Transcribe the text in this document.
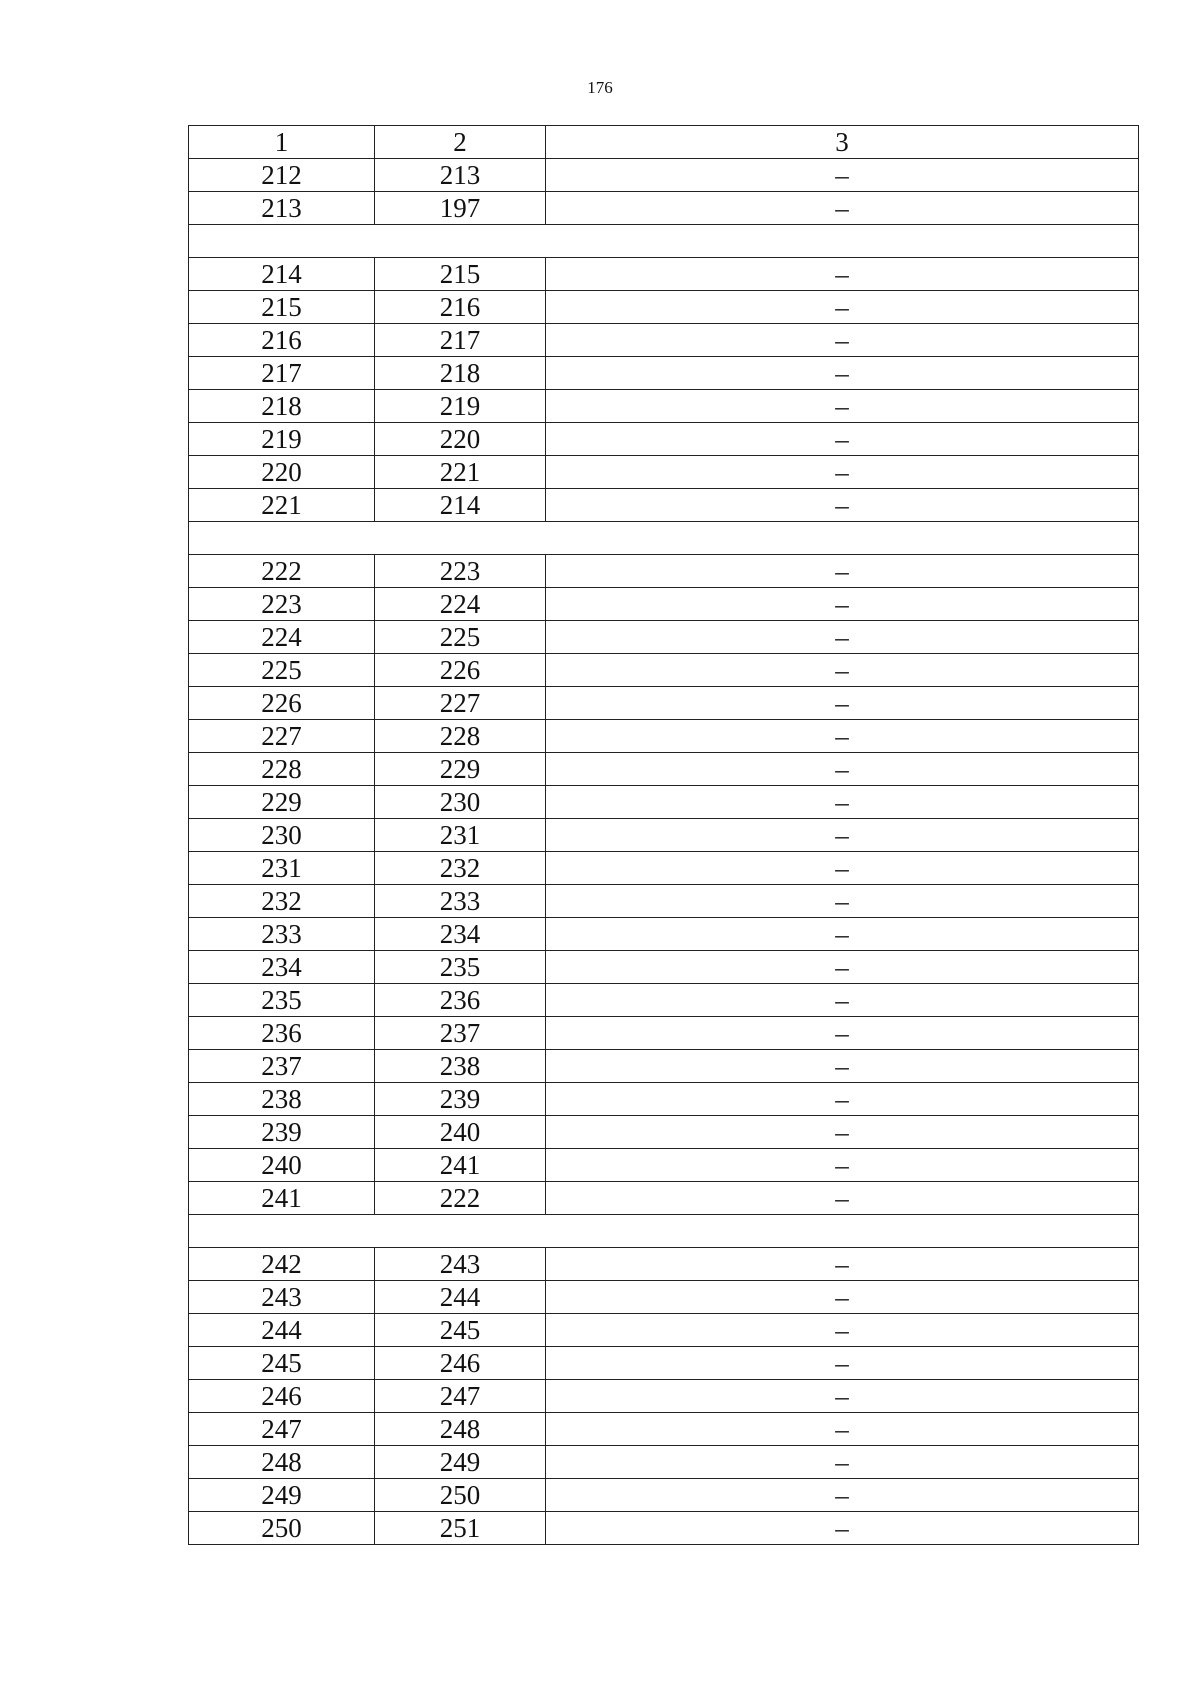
176
1	2	3
212	213	–
213	197	–

214	215	–
215	216	–
216	217	–
217	218	–
218	219	–
219	220	–
220	221	–
221	214	–

222	223	–
223	224	–
224	225	–
225	226	–
226	227	–
227	228	–
228	229	–
229	230	–
230	231	–
231	232	–
232	233	–
233	234	–
234	235	–
235	236	–
236	237	–
237	238	–
238	239	–
239	240	–
240	241	–
241	222	–

242	243	–
243	244	–
244	245	–
245	246	–
246	247	–
247	248	–
248	249	–
249	250	–
250	251	–
